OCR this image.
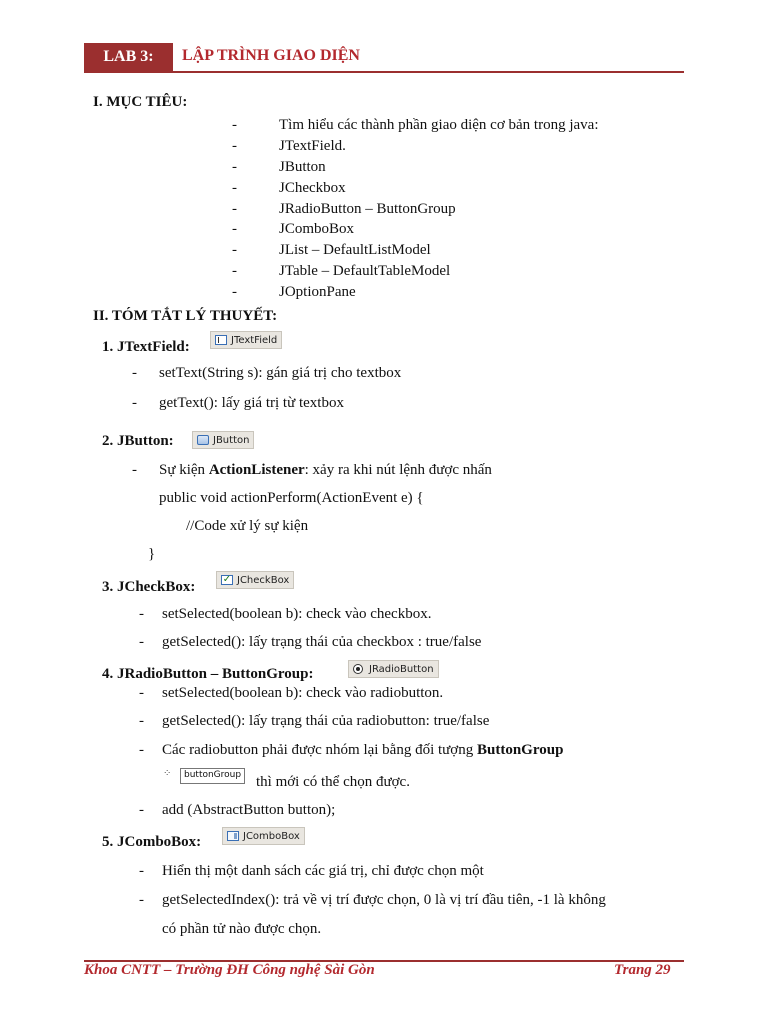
LAB 3:	LẬP TRÌNH GIAO DIỆN
I. MỤC TIÊU:
-	Tìm hiểu các thành phần giao diện cơ bản trong java:
-	JTextField.
-	JButton
-	JCheckbox
-	JRadioButton – ButtonGroup
-	JComboBox
-	JList – DefaultListModel
-	JTable – DefaultTableModel
-	JOptionPane
II. TÓM TẮT LÝ THUYẾT:
1. JTextField:	JTextField
- setText(String s): gán giá trị cho textbox
- getText(): lấy giá trị từ textbox
2. JButton:	JButton
- Sự kiện ActionListener: xảy ra khi nút lệnh được nhấn
public void actionPerform(ActionEvent e) {
//Code xử lý sự kiện
}
3. JCheckBox:	✓ JCheckBox
- setSelected(boolean b): check vào checkbox.
- getSelected(): lấy trạng thái của checkbox : true/false
4. JRadioButton – ButtonGroup:	JRadioButton
- setSelected(boolean b): check vào radiobutton.
- getSelected(): lấy trạng thái của radiobutton: true/false
- Các radiobutton phải được nhóm lại bằng đối tượng ButtonGroup
⁘	buttonGroup thì mới có thể chọn được.
- add (AbstractButton button);
5. JComboBox:	JComboBox
- Hiển thị một danh sách các giá trị, chỉ được chọn một
- getSelectedIndex(): trả về vị trí được chọn, 0 là vị trí đầu tiên, -1 là không
có phần tử nào được chọn.
Khoa CNTT – Trường ĐH Công nghệ Sài Gòn	Trang 29
